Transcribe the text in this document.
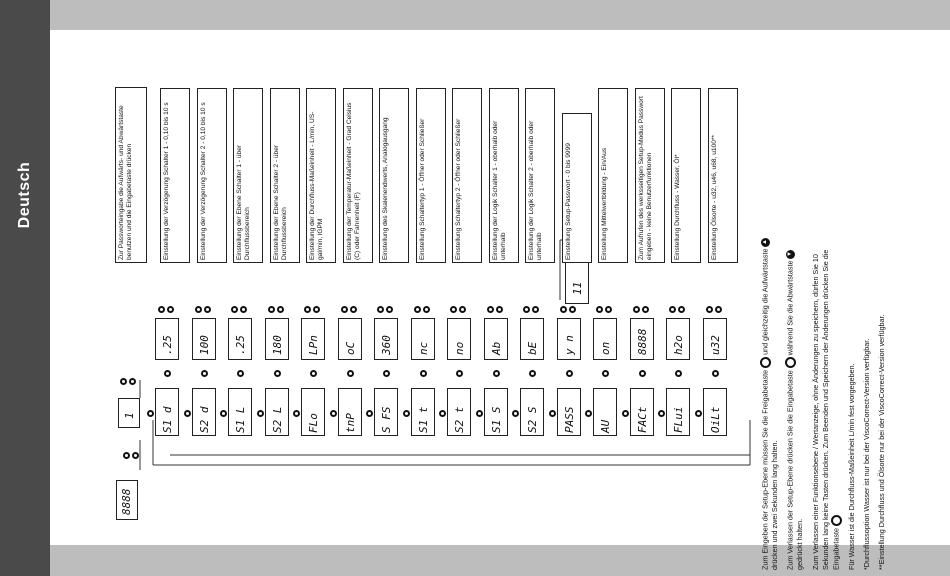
Deutsch
8888
1
Zur Passworteingabe die Aufwärts- und Abwärtstaste benutzen und die Eingabetaste drücken
S1 d
.25
Einstellung der Verzögerung Schalter 1 - 0,10 bis 10 s
S2 d
100
Einstellung der Verzögerung Schalter 2 - 0,10 bis 10 s
S1 L
.25
Einstellung der Ebene Schalter 1 - über Durchflussbereich
S2 L
180
Einstellung der Ebene Schalter 2 - über Durchflussbereich
FLo
LPn
Einstellung der Durchfluss-Maßeinheit - L/min, US-gal/min, lGPM
tnP
oC
Einstellung der Temperatur-Maßeinheit - Grad Celsius (C) oder Fahrenheit (F)
S FS
360
Einstellung des Skalenendwerts, Analogausgang
S1 t
nc
Einstellung Schaltertyp 1 - Öffner oder Schließer
S2 t
no
Einstellung Schaltertyp 2 - Öffner oder Schließer
S1 S
Ab
Einstellung der Logik Schalter 1 - oberhalb oder unterhalb
S2 S
bE
Einstellung der Logik Schalter 2 - oberhalb oder unterhalb
PASS
y n
11
Einstellung Setup-Passwort - 0 bis 9999
AU
on
Einstellung Mittelwertbildung - Ein/Aus
FACt
8888
Zum Aufrufen des werksseitigen Setup-Modus Passwort eingeben - keine Benutzerfunktionen
FLui
h2o
Einstellung Durchfluss - Wasser, Öl*
OiLt
u32
Einstellung Ölsorte - u32, u46, u68, u100**
Zum Eingeben der Setup-Ebene müssen Sie die Freigabetaste  und gleichzeitig die Aufwärtstaste ▲
drücken und zwei Sekunden lang halten. Zum Verlassen der Setup-Ebene drücken Sie die Eingabetaste  während Sie die Abwärtstaste ▼
gedrückt halten. Zum Verlassen einer Funktionsebene / Wertanzeige, ohne Änderungen zu speichern, dürfen Sie 10 Sekunden lang keine Tasten drücken. Zum Beenden und Speichern der Änderungen drücken Sie die Eingabetaste Für Wasser ist die Durchfluss-Maßeinheit L/min fest vorgegeben. *Durchflussoption Wasser ist nur bei der ViscoCorrect-Version verfügbar. **Einstellung Durchfluss und Ölsorte nur bei der ViscoCorrect-Version verfügbar.
